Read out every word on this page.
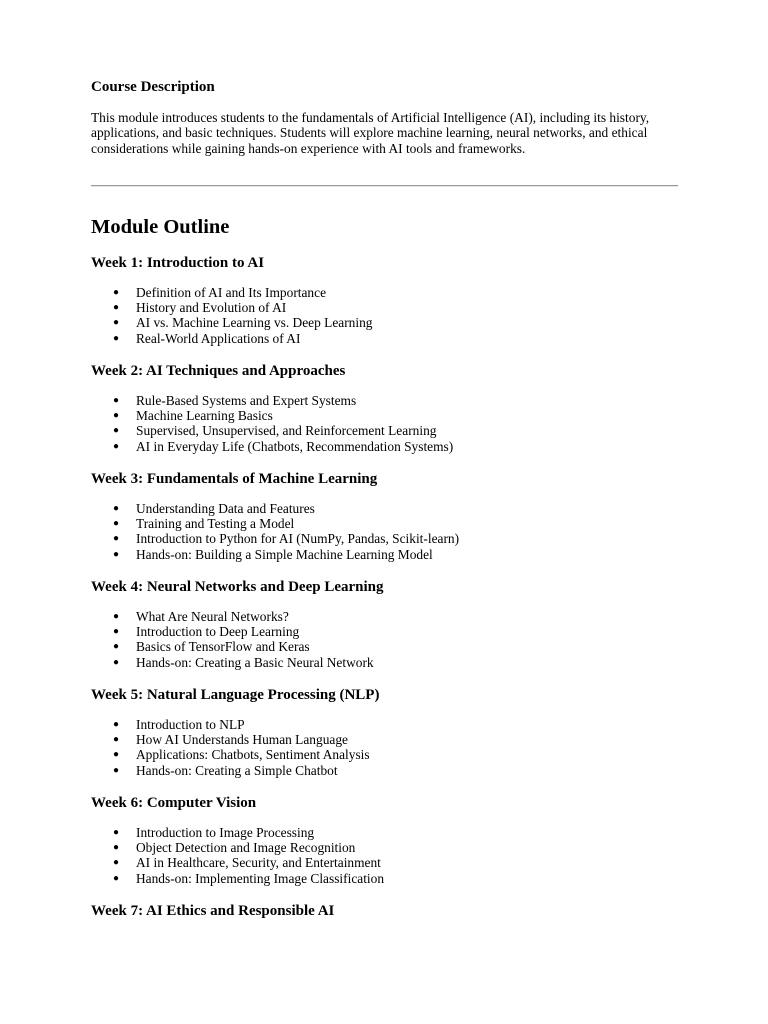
Course Description

This module introduces students to the fundamentals of Artificial Intelligence (AI), including its history, applications, and basic techniques. Students will explore machine learning, neural networks, and ethical considerations while gaining hands-on experience with AI tools and frameworks.

Module Outline
Week 1: Introduction to AI
● Definition of AI and Its Importance
● History and Evolution of AI
● AI vs. Machine Learning vs. Deep Learning
● Real-World Applications of AI
Week 2: AI Techniques and Approaches
● Rule-Based Systems and Expert Systems
● Machine Learning Basics
● Supervised, Unsupervised, and Reinforcement Learning
● AI in Everyday Life (Chatbots, Recommendation Systems)
Week 3: Fundamentals of Machine Learning
● Understanding Data and Features
● Training and Testing a Model
● Introduction to Python for AI (NumPy, Pandas, Scikit-learn)
● Hands-on: Building a Simple Machine Learning Model
Week 4: Neural Networks and Deep Learning
● What Are Neural Networks?
● Introduction to Deep Learning
● Basics of TensorFlow and Keras
● Hands-on: Creating a Basic Neural Network
Week 5: Natural Language Processing (NLP)
● Introduction to NLP
● How AI Understands Human Language
● Applications: Chatbots, Sentiment Analysis
● Hands-on: Creating a Simple Chatbot
Week 6: Computer Vision
● Introduction to Image Processing
● Object Detection and Image Recognition
● AI in Healthcare, Security, and Entertainment
● Hands-on: Implementing Image Classification
Week 7: AI Ethics and Responsible AI
